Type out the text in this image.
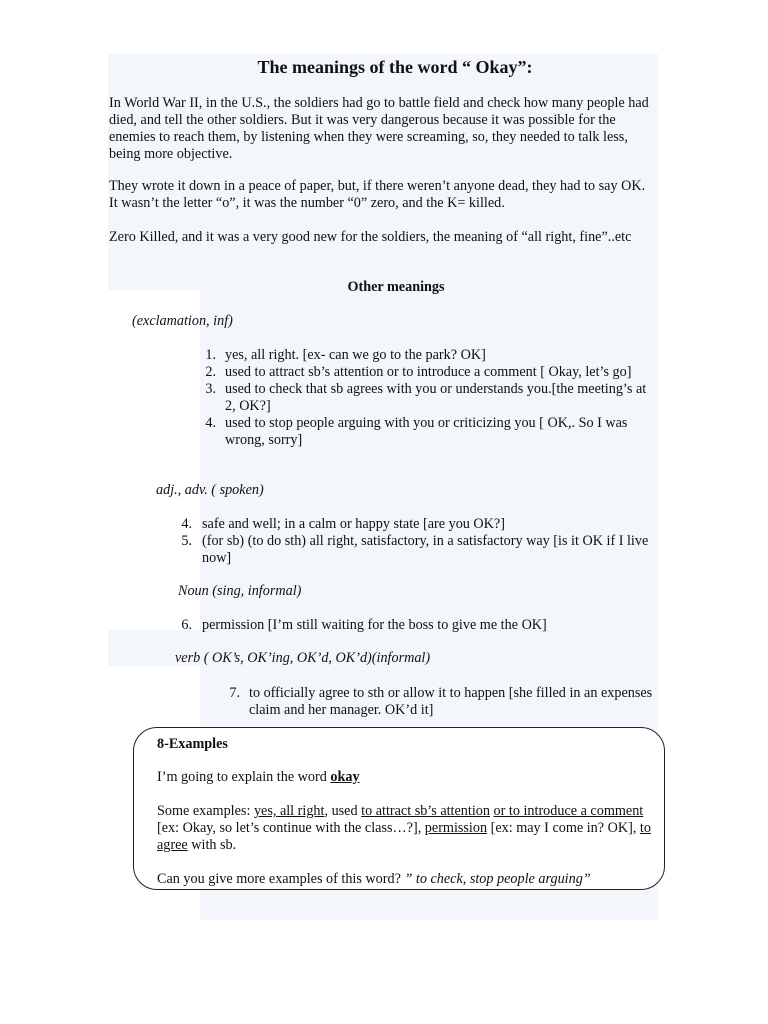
The meanings of the word “ Okay”:

In World War II, in the U.S., the soldiers had go to battle field and check how many people had died, and tell the other soldiers. But it was very dangerous because it was possible for the enemies to reach them, by listening when they were screaming, so, they needed to talk less, being more objective.

They wrote it down in a peace of paper, but, if there weren’t anyone dead, they had to say OK. It wasn’t the letter “o”, it was the number “0” zero, and the K= killed.

Zero Killed, and it was a very good new for the soldiers, the meaning of “all right, fine”..etc

Other meanings
(exclamation, inf)
1. yes, all right. [ex- can we go to the park? OK]
2. used to attract sb’s attention or to introduce a comment [ Okay, let’s go]
3. used to check that sb agrees with you or understands you.[the meeting’s at 2, OK?]
4. used to stop people arguing with you or criticizing you [ OK,. So I was wrong, sorry]
adj., adv. ( spoken)
4. safe and well; in a calm or happy state [are you OK?]
5. (for sb) (to do sth) all right, satisfactory, in a satisfactory way [is it OK if I live now]
Noun (sing, informal)
6. permission [I’m still waiting for the boss to give me the OK]
verb ( OK’s, OK’ing, OK’d, OK’d)(informal)
7. to officially agree to sth or allow it to happen [she filled in an expenses claim and her manager. OK’d it]
8-Examples
I’m going to explain the word okay
Some examples: yes, all right, used to attract sb’s attention or to introduce a comment [ex: Okay, so let’s continue with the class…?], permission [ex: may I come in? OK], to agree with sb.
Can you give more examples of this word? ” to check, stop people arguing”
